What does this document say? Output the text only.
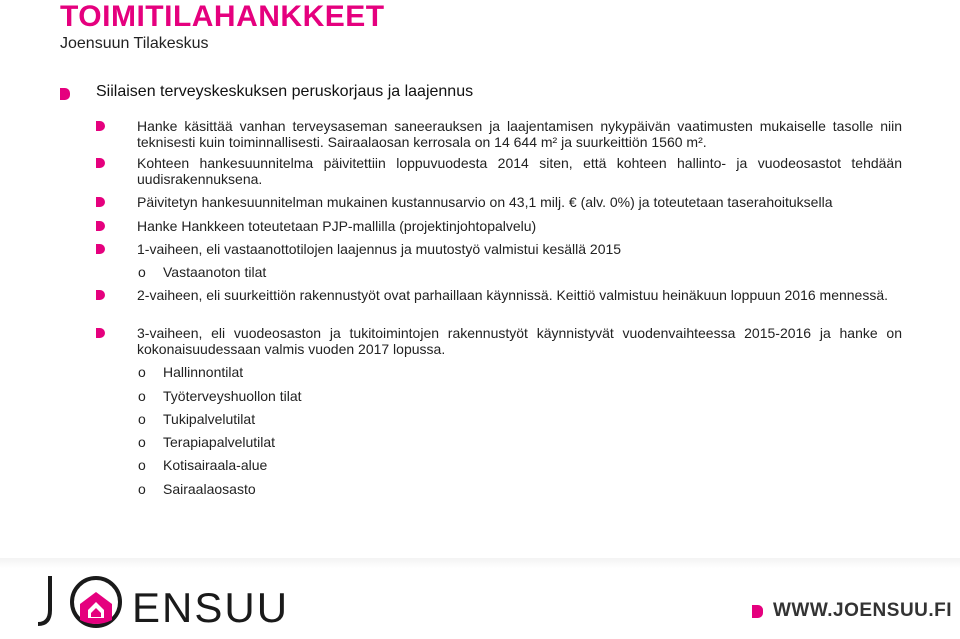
TOIMITILAHANKKEET
Joensuun Tilakeskus
Siilaisen terveyskeskuksen peruskorjaus ja laajennus
Hanke käsittää vanhan terveysaseman saneerauksen ja laajentamisen nykypäivän vaatimusten mukaiselle tasolle niin teknisesti kuin toiminnallisesti. Sairaalaosan kerrosala on 14 644 m² ja suurkeittiön 1560 m².
Kohteen hankesuunnitelma päivitettiin loppuvuodesta 2014 siten, että kohteen hallinto- ja vuodeosastot tehdään uudisrakennuksena.
Päivitetyn hankesuunnitelman mukainen kustannusarvio on 43,1 milj. € (alv. 0%) ja toteutetaan taserahoituksella
Hanke Hankkeen toteutetaan PJP-mallilla (projektinjohtopalvelu)
1-vaiheen, eli vastaanottotilojen laajennus ja muutostyö valmistui kesällä 2015
o Vastaanoton tilat
2-vaiheen, eli suurkeittiön rakennustyöt ovat parhaillaan käynnissä. Keittiö valmistuu heinäkuun loppuun 2016 mennessä.
3-vaiheen, eli vuodeosaston ja tukitoimintojen rakennustyöt käynnistyvät vuodenvaihteessa 2015-2016 ja hanke on kokonaisuudessaan valmis vuoden 2017 lopussa.
o Hallinnontilat
o Työterveyshuollon tilat
o Tukipalvelutilat
o Terapiapalvelutilat
o Kotisairaala-alue
o Sairaalaosasto
ENSUU	WWW.JOENSUU.FI
